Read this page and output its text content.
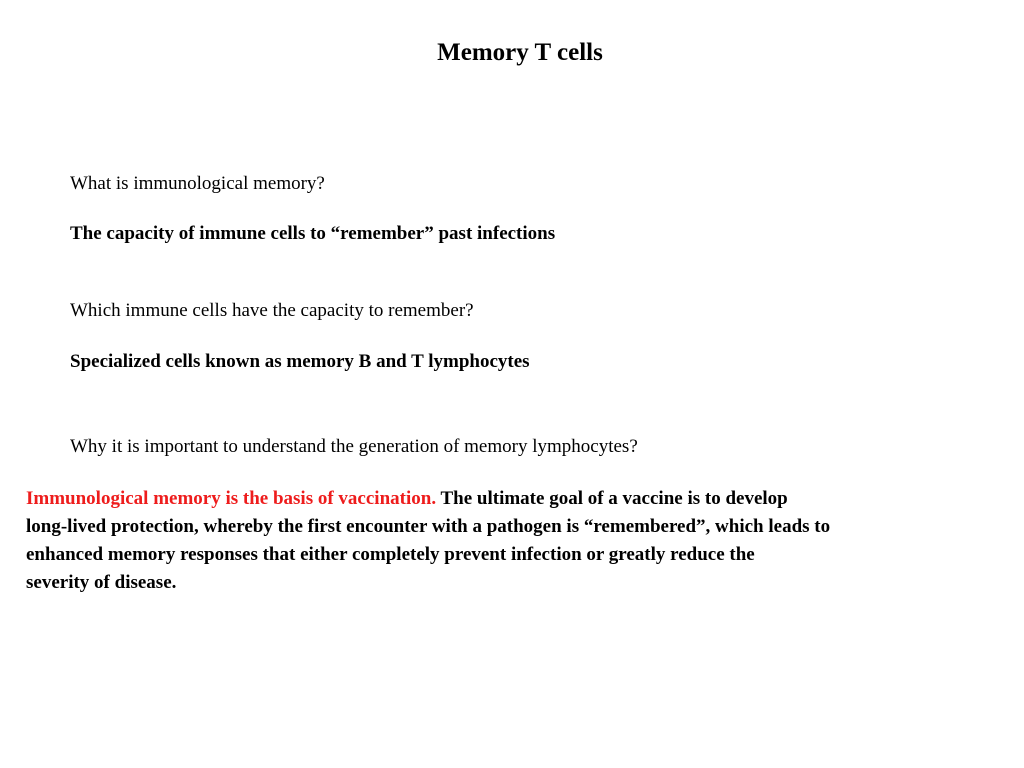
Memory T cells
What is immunological memory?
The capacity of immune cells to “remember” past infections
Which immune cells have the capacity to remember?
Specialized cells known as memory B and T lymphocytes
Why it is important to understand the generation of memory lymphocytes?
Immunological memory is the basis of vaccination. The ultimate goal of a vaccine is to develop
long-lived protection, whereby the first encounter with a pathogen is “remembered”, which leads to
enhanced memory responses that either completely prevent infection or greatly reduce the
severity of disease.
